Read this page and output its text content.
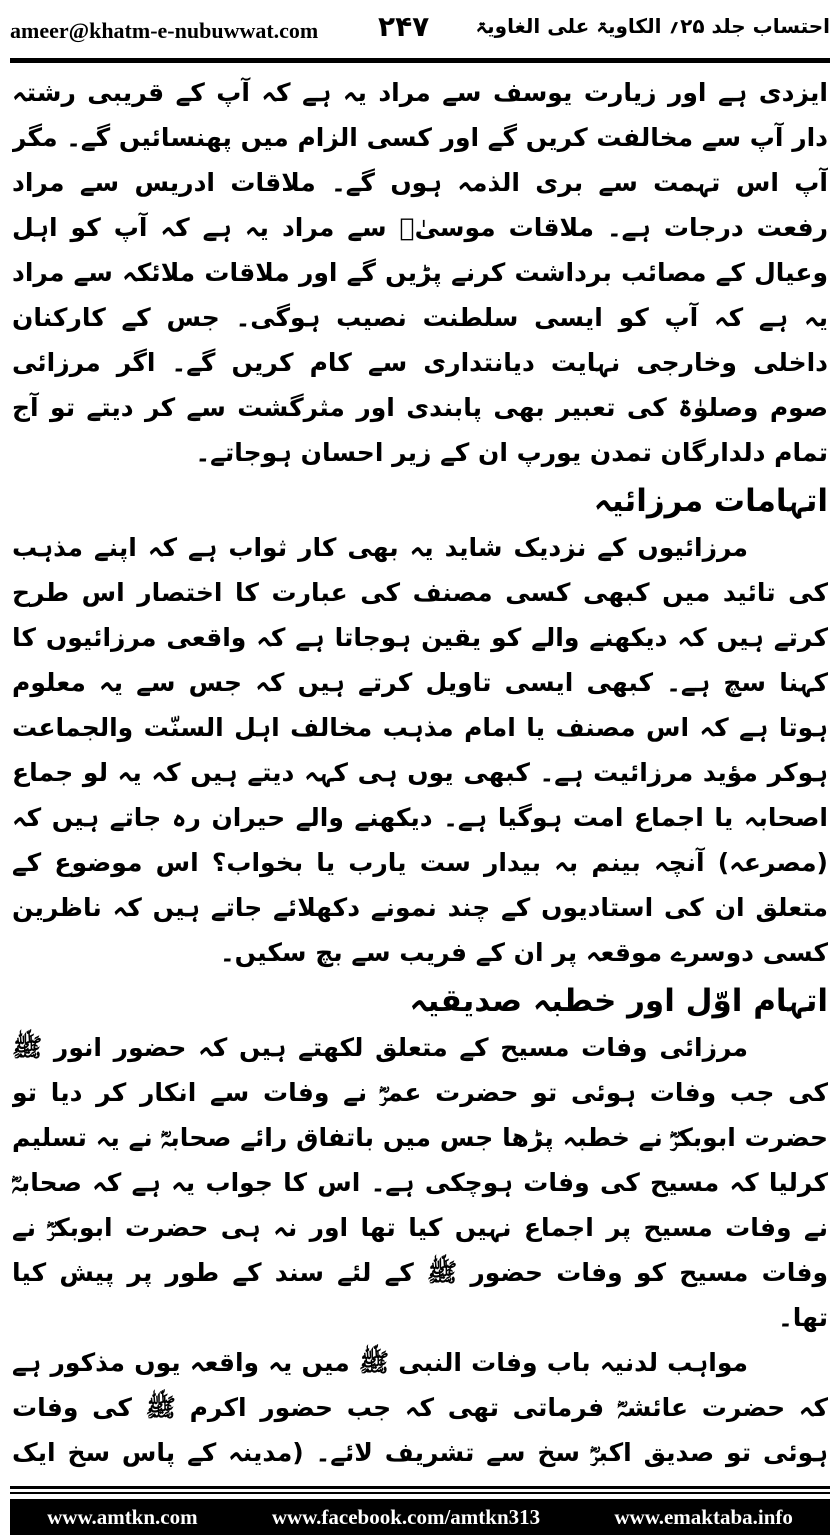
ameer@khatm-e-nubuwwat.com ۲۴۷ احتساب جلد ۲۵؍ الکاویۃ علی الغاویۃ

ایزدی ہے اور زیارت یوسف سے مراد یہ ہے کہ آپ کے قریبی رشتہ دار آپ سے مخالفت کریں گے اور کسی الزام میں پھنسائیں گے۔ مگر آپ اس تہمت سے بری الذمہ ہوں گے۔ ملاقات ادریس سے مراد رفعت درجات ہے۔ ملاقات موسیٰؑ سے مراد یہ ہے کہ آپ کو اہل وعیال کے مصائب برداشت کرنے پڑیں گے اور ملاقات ملائکہ سے مراد یہ ہے کہ آپ کو ایسی سلطنت نصیب ہوگی۔ جس کے کارکنان داخلی وخارجی نہایت دیانتداری سے کام کریں گے۔ اگر مرزائی صوم وصلوٰۃ کی تعبیر بھی پابندی اور مثرگشت سے کر دیتے تو آج تمام دلدارگان تمدن یورپ ان کے زیر احسان ہوجاتے۔

اتہامات مرزائیہ

مرزائیوں کے نزدیک شاید یہ بھی کار ثواب ہے کہ اپنے مذہب کی تائید میں کبھی کسی مصنف کی عبارت کا اختصار اس طرح کرتے ہیں کہ دیکھنے والے کو یقین ہوجاتا ہے کہ واقعی مرزائیوں کا کہنا سچ ہے۔ کبھی ایسی تاویل کرتے ہیں کہ جس سے یہ معلوم ہوتا ہے کہ اس مصنف یا امام مذہب مخالف اہل السنّت والجماعت ہوکر مؤید مرزائیت ہے۔ کبھی یوں ہی کہہ دیتے ہیں کہ یہ لو جماع اصحابہ یا اجماع امت ہوگیا ہے۔ دیکھنے والے حیران رہ جاتے ہیں کہ (مصرعہ) آنچہ بینم بہ بیدار ست یارب یا بخواب؟ اس موضوع کے متعلق ان کی استادیوں کے چند نمونے دکھلائے جاتے ہیں کہ ناظرین کسی دوسرے موقعہ پر ان کے فریب سے بچ سکیں۔

اتہام اوّل اور خطبہ صدیقیہ

مرزائی وفات مسیح کے متعلق لکھتے ہیں کہ حضور انور ﷺ کی جب وفات ہوئی تو حضرت عمرؓ نے وفات سے انکار کر دیا تو حضرت ابوبکرؓ نے خطبہ پڑھا جس میں باتفاق رائے صحابہؓ نے یہ تسلیم کرلیا کہ مسیح کی وفات ہوچکی ہے۔ اس کا جواب یہ ہے کہ صحابہؓ نے وفات مسیح پر اجماع نہیں کیا تھا اور نہ ہی حضرت ابوبکرؓ نے وفات مسیح کو وفات حضور ﷺ کے لئے سند کے طور پر پیش کیا تھا۔

مواہب لدنیہ باب وفات النبی ﷺ میں یہ واقعہ یوں مذکور ہے کہ حضرت عائشہؓ فرماتی تھی کہ جب حضور اکرم ﷺ کی وفات ہوئی تو صدیق اکبرؓ سخ سے تشریف لائے۔ (مدینہ کے پاس سخ ایک

www.amtkn.com	www.facebook.com/amtkn313	www.emaktaba.info
